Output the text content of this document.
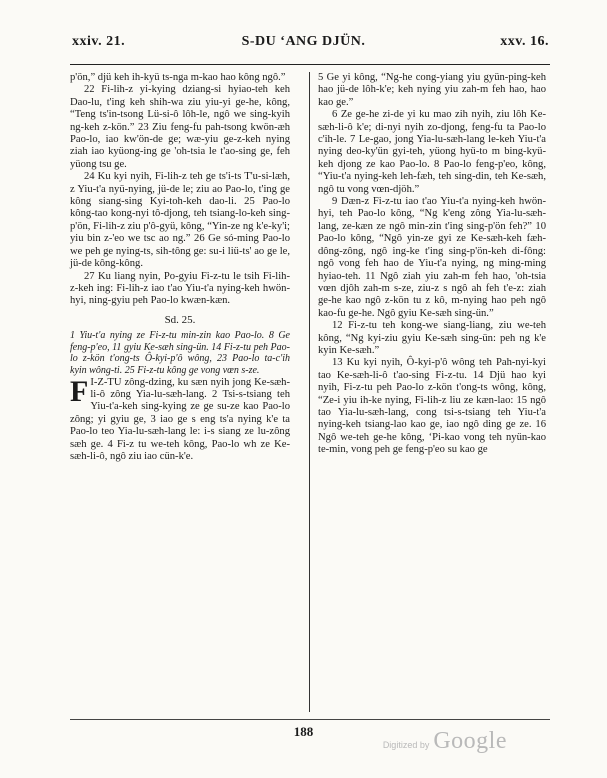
xxiv. 21.	S-DU ‘ANG DJÜN.	xxv. 16.

p'ön,” djü keh ih-kyü ts-nga m-kao hao kông ngô.”

22 Fi-lih-z yi-kying dziang-si hyiao-teh keh Dao-lu, t'ing keh shih-wa ziu yiu-yi ge-he, kông, “Teng ts'in-tsong Lü-si-ô lôh-le, ngô we sing-kyih ng-keh z-kön.” 23 Ziu feng-fu pah-tsong kwön-æh Pao-lo, iao kw'ön-de ge; wæ-yiu ge-z-keh nying ziah iao kyüong-ing ge 'oh-tsia le t'ao-sing ge, feh yüong tsu ge.

24 Ku kyi nyih, Fi-lih-z teh ge ts'i-ts T'u-si-læh, z Yiu-t'a nyü-nying, jü-de le; ziu ao Pao-lo, t'ing ge kông siang-sing Kyi-toh-keh dao-li. 25 Pao-lo kông-tao kong-nyi tô-djong, teh tsiang-lo-keh sing-p'ön, Fi-lih-z ziu p'ô-gyü, kông, “Yin-ze ng k'e-ky'i; yiu bin z-'eo we tsc ao ng.” 26 Ge só-ming Pao-lo we peh ge nying-ts, sih-tông ge: su-i liü-ts' ao ge le, jü-de kông-kông.

27 Ku liang nyin, Po-gyiu Fi-z-tu le tsih Fi-lih-z-keh ing: Fi-lih-z iao t'ao Yiu-t'a nying-keh hwön-hyi, ning-gyiu peh Pao-lo kwæn-kæn.

Sd. 25.

1 Yiu-t'a nying ze Fi-z-tu min-zin kao Pao-lo. 8 Ge feng-p'eo, 11 gyiu Ke-sæh sing-ün. 14 Fi-z-tu peh Pao-lo z-kön t'ong-ts Ô-kyi-p'ô wông, 23 Pao-lo ta-c'ih kyin wông-ti. 25 Fi-z-tu kông ge vong vœn s-ze.

F I-Z-TU zông-dzing, ku sæn nyih jong Ke-sæh-li-ô zông Yia-lu-sæh-lang. 2 Tsi-s-tsiang teh Yiu-t'a-keh sing-kying ze ge su-ze kao Pao-lo zông; yi gyiu ge, 3 iao ge s eng ts'a nying k'e ta Pao-lo teo Yia-lu-sæh-lang le: i-s siang ze lu-zông sæh ge. 4 Fi-z tu we-teh kông, Pao-lo wh ze Ke-sæh-li-ô, ngô ziu iao cün-k'e.

5 Ge yi kông, “Ng-he cong-yiang yiu gyün-ping-keh hao jü-de lôh-k'e; keh nying yiu zah-m feh hao, hao kao ge.”

6 Ze ge-he zi-de yi ku mao zih nyih, ziu lôh Ke-sæh-li-ô k'e; di-nyi nyih zo-djong, feng-fu ta Pao-lo c'ih-le. 7 Le-gao, jong Yia-lu-sæh-lang le-keh Yiu-t'a nying deo-ky'ün gyi-teh, yüong hyü-to m bing-kyü-keh djong ze kao Pao-lo. 8 Pao-lo feng-p'eo, kông, “Yiu-t'a nying-keh leh-fæh, teh sing-din, teh Ke-sæh, ngô tu vong vœn-djöh.”

9 Dæn-z Fi-z-tu iao t'ao Yiu-t'a nying-keh hwön-hyi, teh Pao-lo kông, “Ng k'eng zông Yia-lu-sæh-lang, ze-kæn ze ngô min-zin t'ing sing-p'ön feh?” 10 Pao-lo kông, “Ngô yin-ze gyi ze Ke-sæh-keh fæh-dông-zông, ngô ing-ke t'ing sing-p'ön-keh di-fông: ngô vong feh hao de Yiu-t'a nying, ng ming-ming hyiao-teh. 11 Ngô ziah yiu zah-m feh hao, 'oh-tsia vœn djôh zah-m s-ze, ziu-z s ngô ah feh t'e-z: ziah ge-he kao ngô z-kön tu z kô, m-nying hao peh ngô kao-fu ge-he. Ngô gyiu Ke-sæh sing-ün.”

12 Fi-z-tu teh kong-we siang-liang, ziu we-teh kông, “Ng kyi-ziu gyiu Ke-sæh sing-ün: peh ng k'e kyin Ke-sæh.”

13 Ku kyi nyih, Ô-kyi-p'ô wông teh Pah-nyi-kyi tao Ke-sæh-li-ô t'ao-sing Fi-z-tu. 14 Djü hao kyi nyih, Fi-z-tu peh Pao-lo z-kön t'ong-ts wông, kông, “Ze-i yiu ih-ke nying, Fi-lih-z liu ze kæn-lao: 15 ngô tao Yia-lu-sæh-lang, cong tsi-s-tsiang teh Yiu-t'a nying-keh tsiang-lao kao ge, iao ngô ding ge ze. 16 Ngô we-teh ge-he kông, ‘Pi-kao vong teh nyün-kao te-min, vong peh ge feng-p'eo su kao ge

188
Digitized by Google
